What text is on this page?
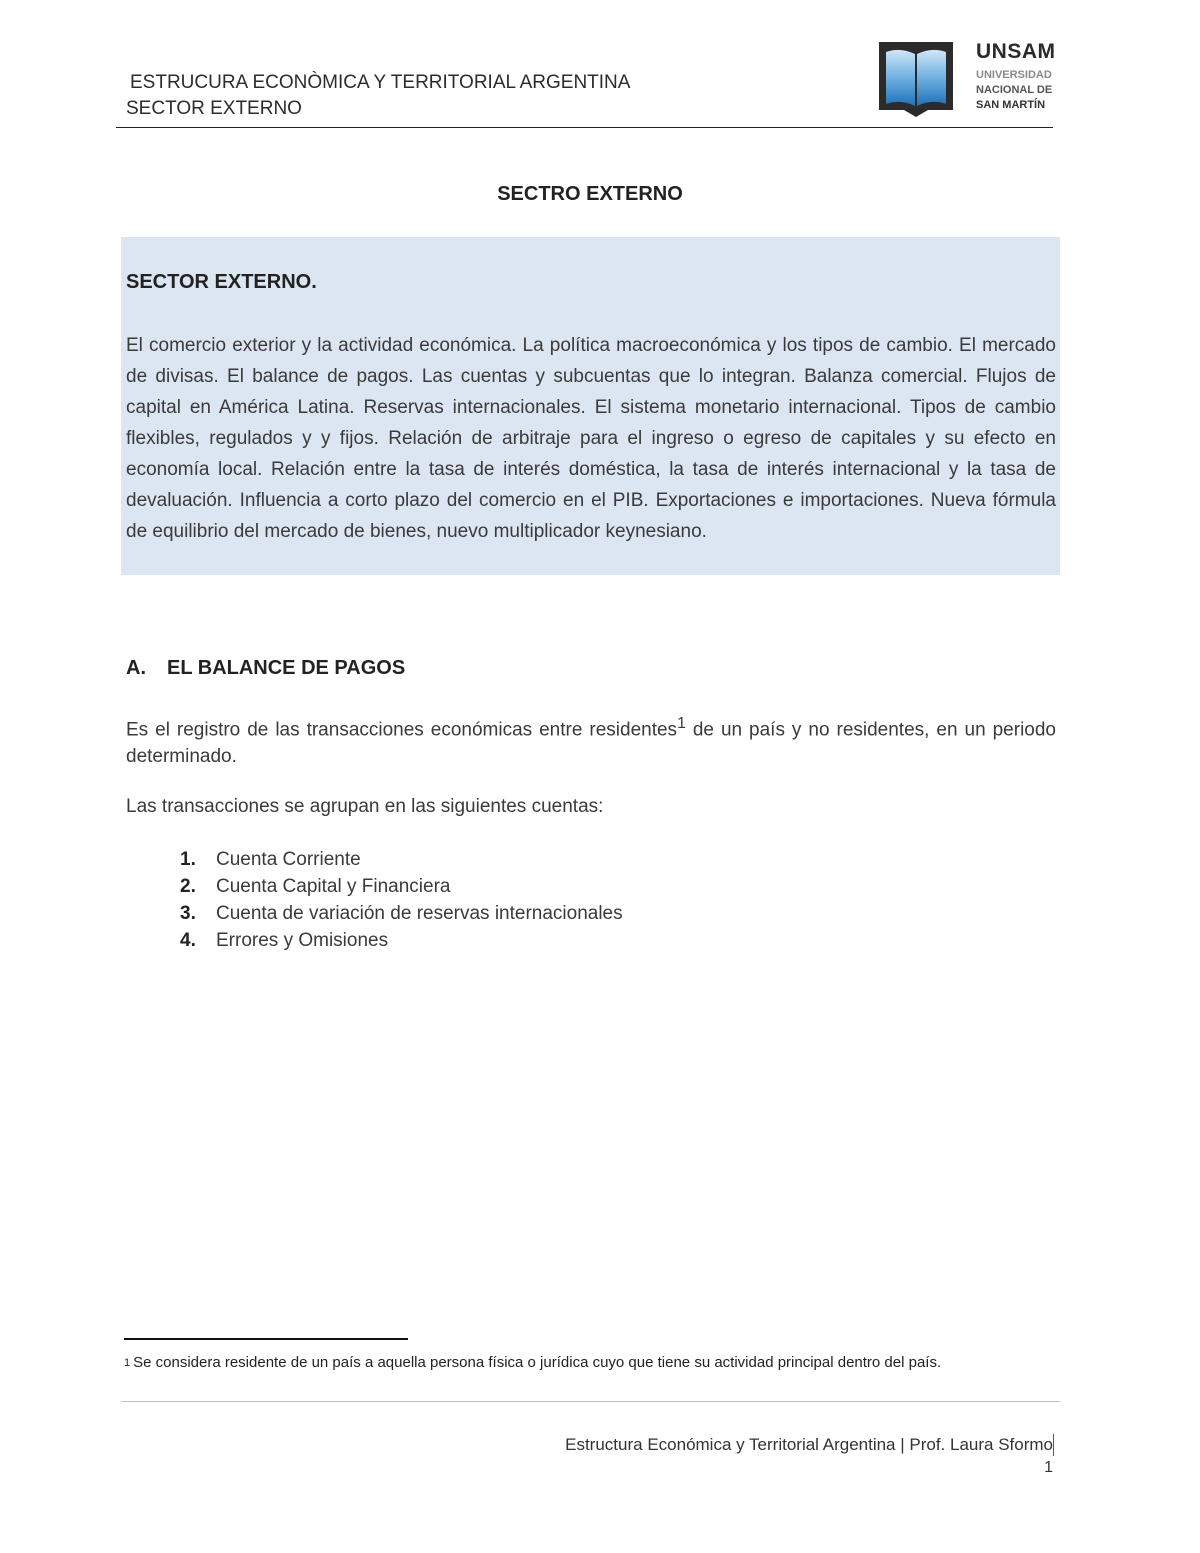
ESTRUCURA ECONÒMICA Y TERRITORIAL ARGENTINA
SECTOR EXTERNO
UNSAM
UNIVERSIDAD
NACIONAL DE
SAN MARTÍN
SECTRO EXTERNO
SECTOR EXTERNO.
El comercio exterior y la actividad económica. La política macroeconómica y los tipos de cambio. El mercado de divisas. El balance de pagos. Las cuentas y subcuentas que lo integran. Balanza comercial. Flujos de capital en América Latina. Reservas internacionales. El sistema monetario internacional. Tipos de cambio flexibles, regulados y y fijos. Relación de arbitraje para el ingreso o egreso de capitales y su efecto en economía local. Relación entre la tasa de interés doméstica, la tasa de interés internacional y la tasa de devaluación. Influencia a corto plazo del comercio en el PIB. Exportaciones e importaciones. Nueva fórmula de equilibrio del mercado de bienes, nuevo multiplicador keynesiano.
A. EL BALANCE DE PAGOS
Es el registro de las transacciones económicas entre residentes$^1$ de un país y no residentes, en un periodo determinado.
Las transacciones se agrupan en las siguientes cuentas:
1. Cuenta Corriente
2. Cuenta Capital y Financiera
3. Cuenta de variación de reservas internacionales
4. Errores y Omisiones
$^1$ Se considera residente de un país a aquella persona física o jurídica cuyo que tiene su actividad principal dentro del país.
Estructura Económica y Territorial Argentina | Prof. Laura Sformo
1
